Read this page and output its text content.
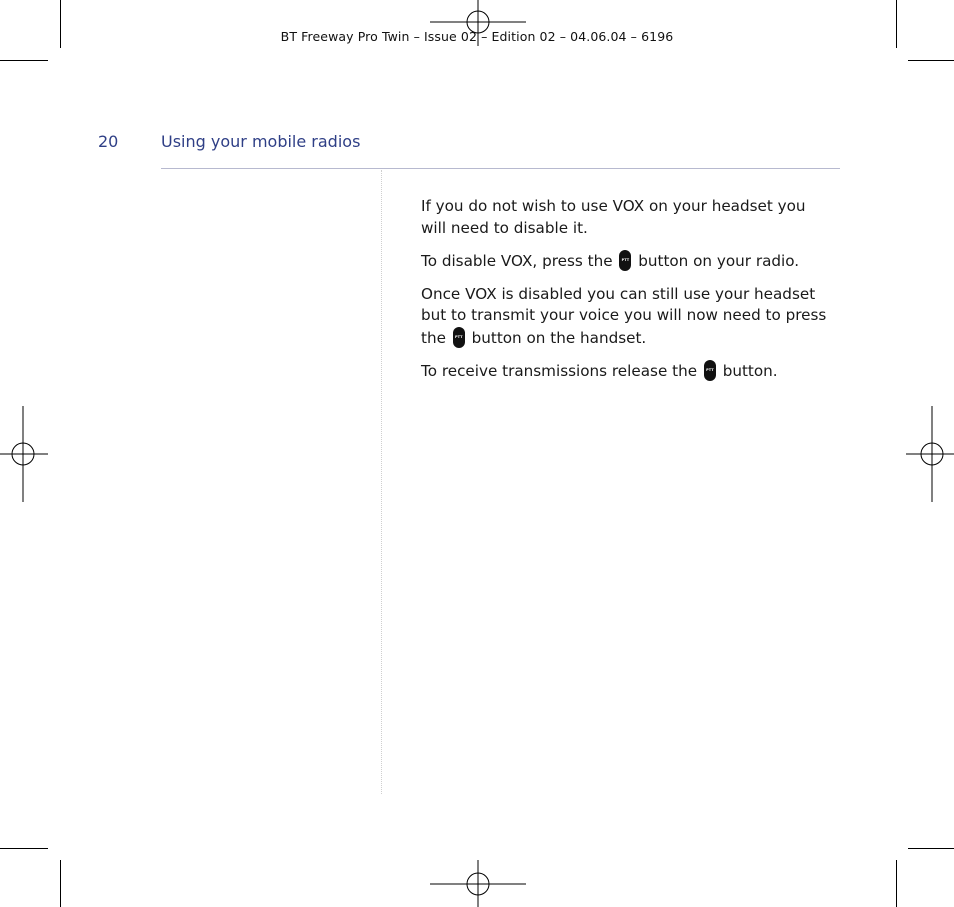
BT Freeway Pro Twin – Issue 02 – Edition 02 – 04.06.04 – 6196
20	Using your mobile radios

If you do not wish to use VOX on your headset you will need to disable it.

To disable VOX, press the PTT button on your radio.

Once VOX is disabled you can still use your headset but to transmit your voice you will now need to press the PTT button on the handset.

To receive transmissions release the PTT button.
